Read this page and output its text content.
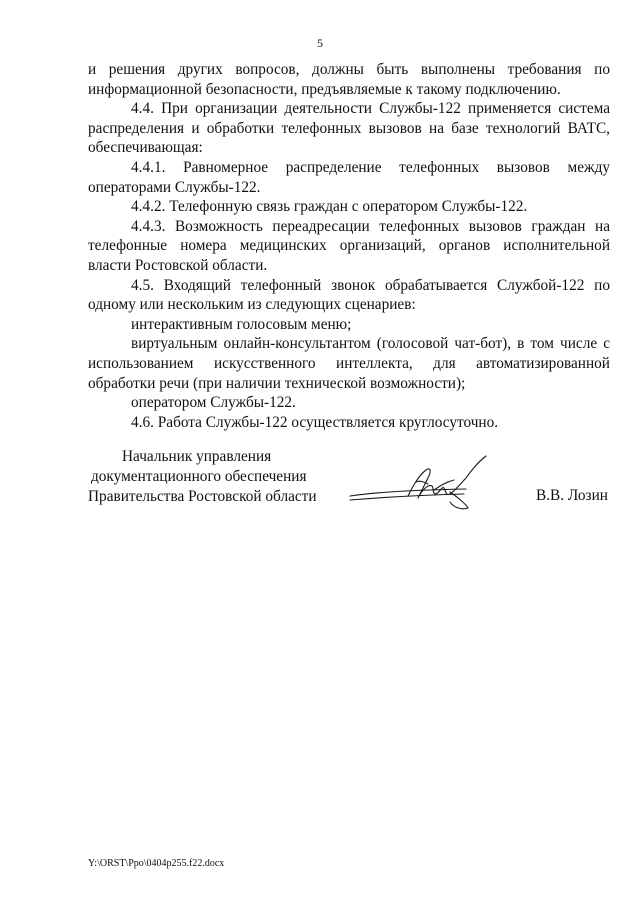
5

и решения других вопросов, должны быть выполнены требования по информационной безопасности, предъявляемые к такому подключению.

4.4. При организации деятельности Службы-122 применяется система распределения и обработки телефонных вызовов на базе технологий ВАТС, обеспечивающая:

4.4.1. Равномерное распределение телефонных вызовов между операторами Службы-122.

4.4.2. Телефонную связь граждан с оператором Службы-122.

4.4.3. Возможность переадресации телефонных вызовов граждан на телефонные номера медицинских организаций, органов исполнительной власти Ростовской области.

4.5. Входящий телефонный звонок обрабатывается Службой-122 по одному или нескольким из следующих сценариев:

интерактивным голосовым меню;

виртуальным онлайн-консультантом (голосовой чат-бот), в том числе с использованием искусственного интеллекта, для автоматизированной обработки речи (при наличии технической возможности);

оператором Службы-122.

4.6. Работа Службы-122 осуществляется круглосуточно.

Начальник управления
документационного обеспечения
Правительства Ростовской области	В.В. Лозин
Y:\ORST\Ppo\0404p255.f22.docx
